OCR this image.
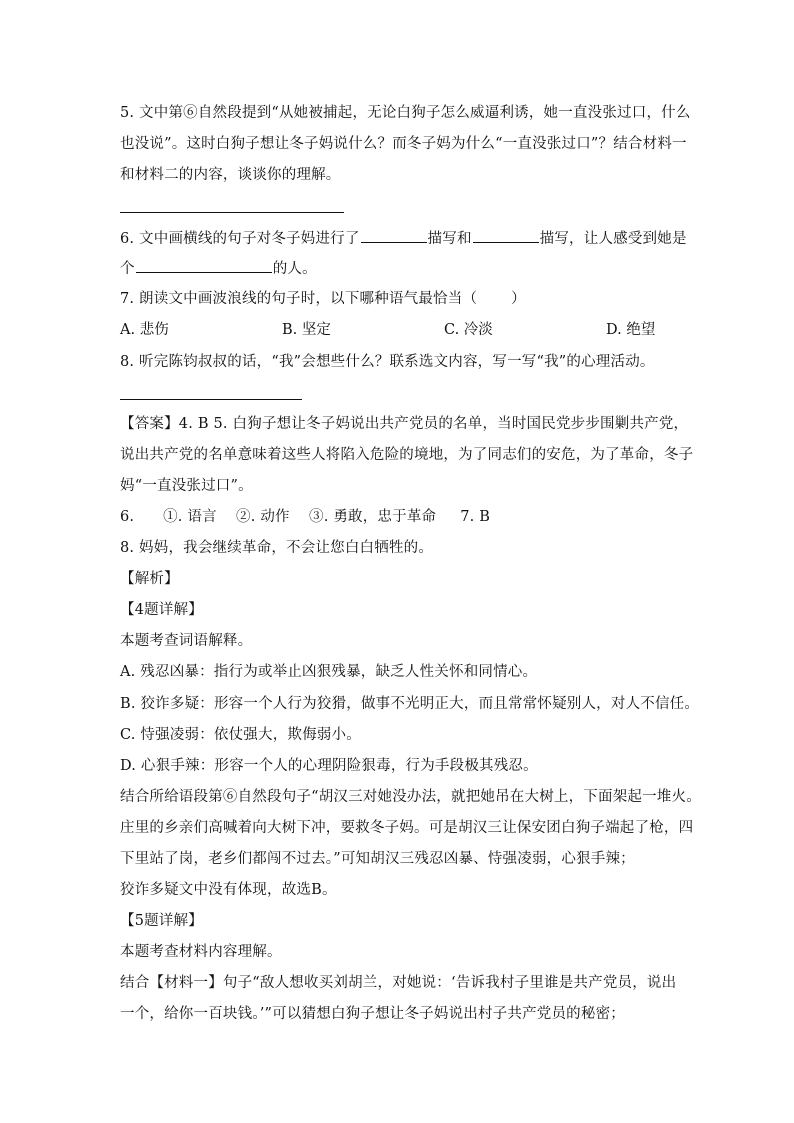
5. 文中第⑥自然段提到“从她被捕起，无论白狗子怎么威逼利诱，她一直没张过口，什么
也没说”。这时白狗子想让冬子妈说什么？而冬子妈为什么“一直没张过口”？结合材料一
和材料二的内容，谈谈你的理解。
6. 文中画横线的句子对冬子妈进行了	描写和	描写，让人感受到她是
个	的人。
7. 朗读文中画波浪线的句子时，以下哪种语气最恰当（ ）
A. 悲伤	B. 坚定	C. 冷淡	D. 绝望
8. 听完陈钧叔叔的话，“我”会想些什么？联系选文内容，写一写“我”的心理活动。
【答案】4. B 5. 白狗子想让冬子妈说出共产党员的名单，当时国民党步步围剿共产党，
说出共产党的名单意味着这些人将陷入危险的境地，为了同志们的安危，为了革命，冬子
妈“一直没张过口”。
6.      ①. 语言    ②. 动作    ③. 勇敢，忠于革命     7. B
8. 妈妈，我会继续革命，不会让您白白牺牲的。
【解析】
【4题详解】
本题考查词语解释。
A. 残忍凶暴：指行为或举止凶狠残暴，缺乏人性关怀和同情心。
B. 狡诈多疑：形容一个人行为狡猾，做事不光明正大，而且常常怀疑别人，对人不信任。
C. 恃强凌弱：依仗强大，欺侮弱小。
D. 心狠手辣：形容一个人的心理阴险狠毒，行为手段极其残忍。
结合所给语段第⑥自然段句子“胡汉三对她没办法，就把她吊在大树上，下面架起一堆火。
庄里的乡亲们高喊着向大树下冲，要救冬子妈。可是胡汉三让保安团白狗子端起了枪，四
下里站了岗，老乡们都闯不过去。”可知胡汉三残忍凶暴、恃强凌弱，心狠手辣；
狡诈多疑文中没有体现，故选B。
【5题详解】
本题考查材料内容理解。
结合【材料一】句子“敌人想收买刘胡兰，对她说：‘告诉我村子里谁是共产党员，说出
一个，给你一百块钱。’”可以猜想白狗子想让冬子妈说出村子共产党员的秘密；
